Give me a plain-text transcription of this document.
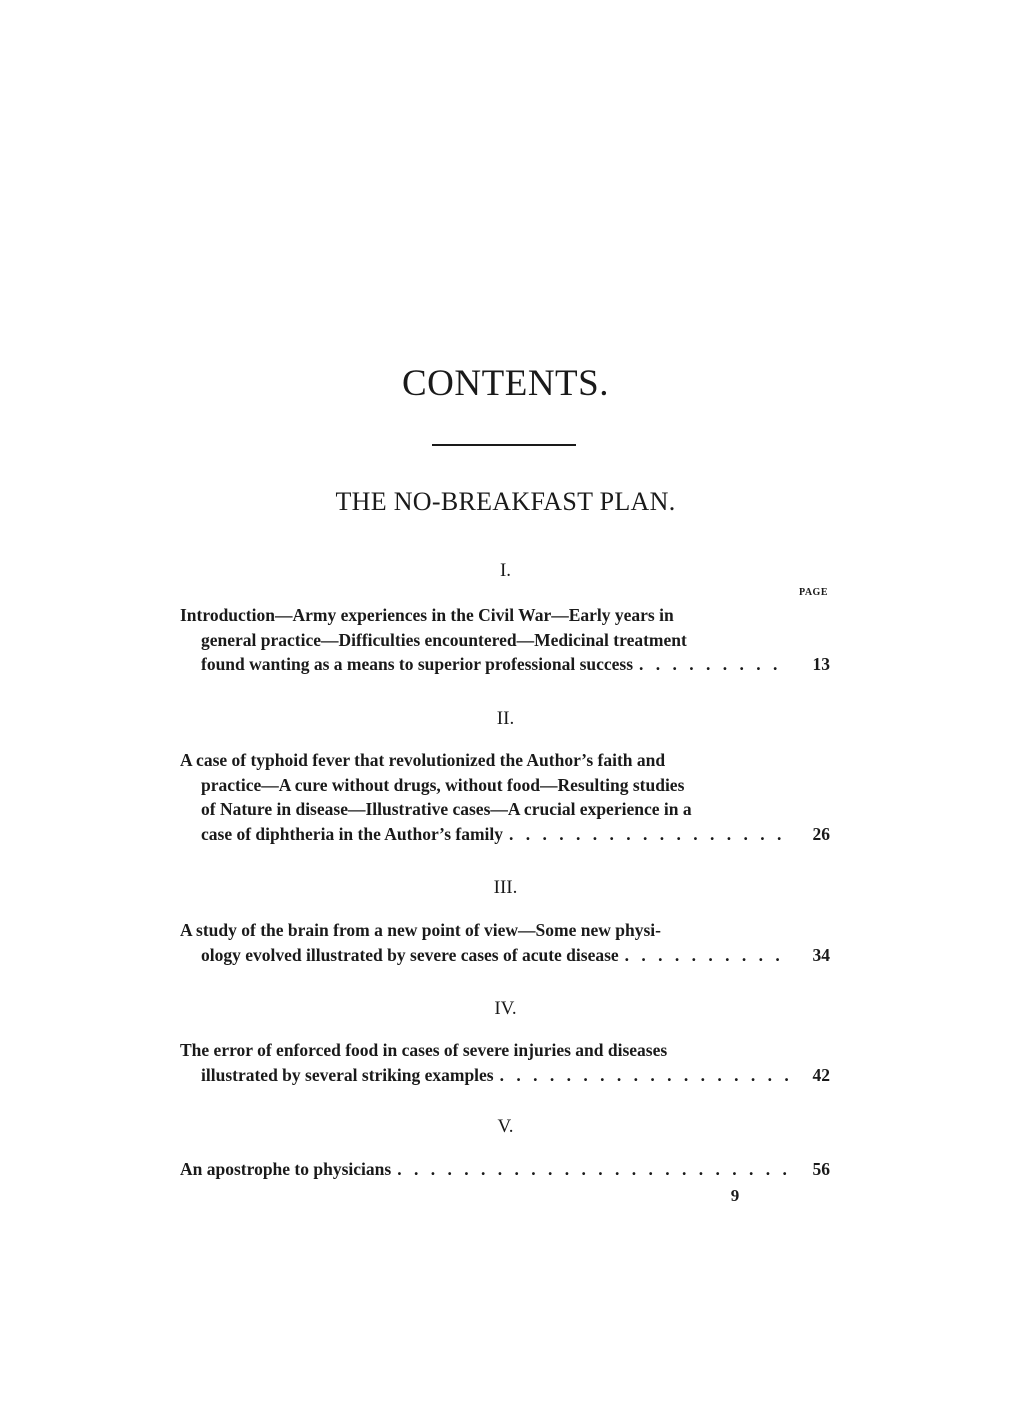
CONTENTS.
THE NO-BREAKFAST PLAN.
I.
PAGE
Introduction—Army experiences in the Civil War—Early years in
general practice—Difficulties encountered—Medicinal treatment
found wanting as a means to superior professional success . . .	13
II.
A case of typhoid fever that revolutionized the Author’s faith and
practice—A cure without drugs, without food—Resulting studies
of Nature in disease—Illustrative cases—A crucial experience in a
case of diphtheria in the Author’s family . . .	26
III.
A study of the brain from a new point of view—Some new physi-
ology evolved illustrated by severe cases of acute disease . . .	34
IV.
The error of enforced food in cases of severe injuries and diseases
illustrated by several striking examples . . .	42
V.
An apostrophe to physicians . . .	56
9
